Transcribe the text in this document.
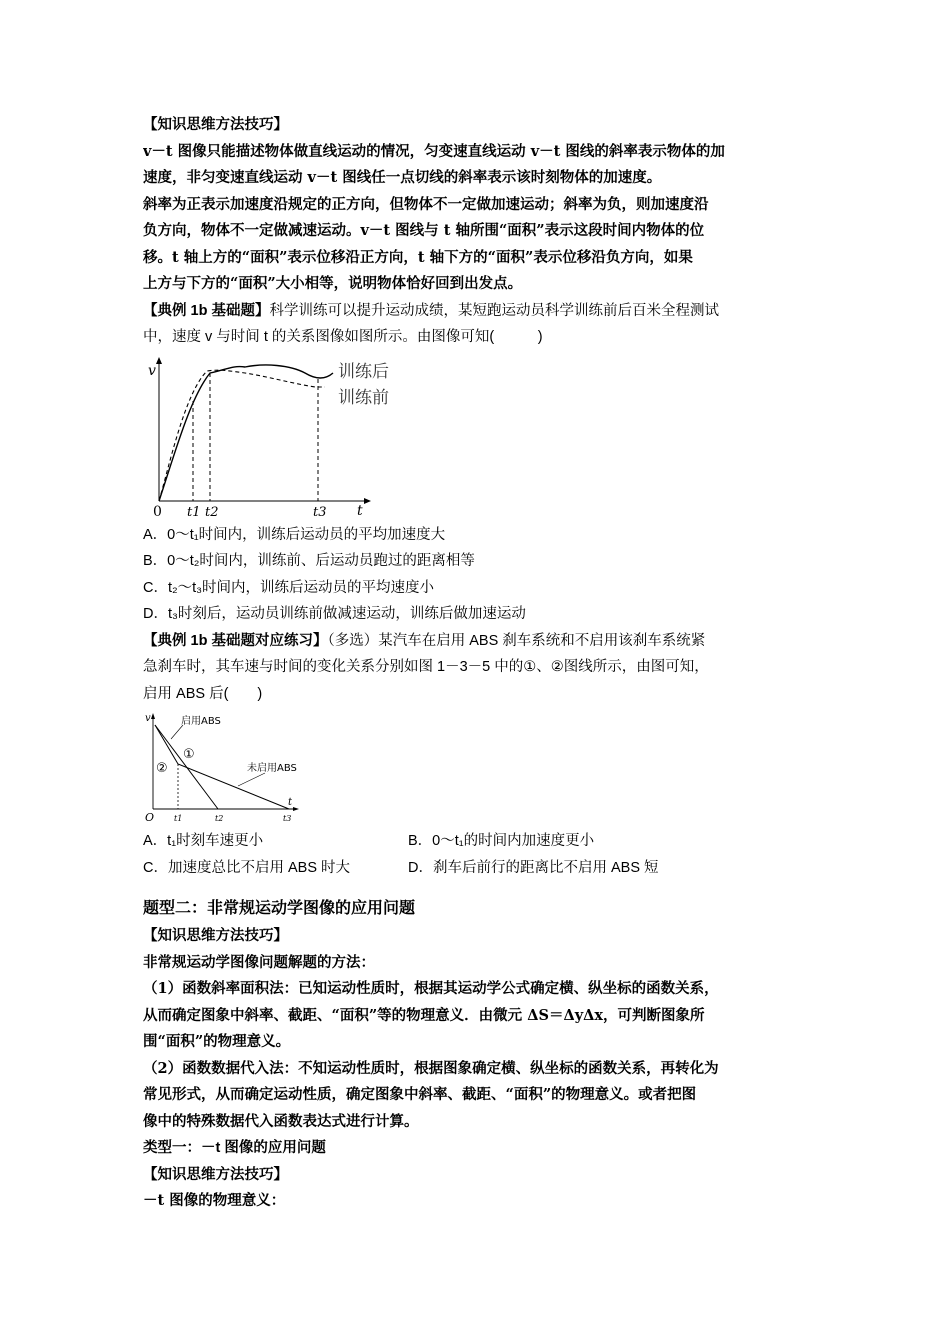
【知识思维方法技巧】
v－t 图像只能描述物体做直线运动的情况，匀变速直线运动 v－t 图线的斜率表示物体的加
速度，非匀变速直线运动 v－t 图线任一点切线的斜率表示该时刻物体的加速度。
斜率为正表示加速度沿规定的正方向，但物体不一定做加速运动；斜率为负，则加速度沿
负方向，物体不一定做减速运动。v－t 图线与 t 轴所围“面积”表示这段时间内物体的位
移。t 轴上方的“面积”表示位移沿正方向，t 轴下方的“面积”表示位移沿负方向，如果
上方与下方的“面积”大小相等，说明物体恰好回到出发点。
【典例 1b 基础题】科学训练可以提升运动成绩，某短跑运动员科学训练前后百米全程测试
中，速度 v 与时间 t 的关系图像如图所示。由图像可知(　　　)
v
t
0 t1 t2	t3
训练后
训练前
A．0～t₁时间内，训练后运动员的平均加速度大
B．0～t₂时间内，训练前、后运动员跑过的距离相等
C．t₂～t₃时间内，训练后运动员的平均速度小
D．t₃时刻后，运动员训练前做减速运动，训练后做加速运动
【典例 1b 基础题对应练习】（多选）某汽车在启用 ABS 刹车系统和不启用该刹车系统紧
急刹车时，其车速与时间的变化关系分别如图 1－3－5 中的①、②图线所示，由图可知，
启用 ABS 后(　　)
v
t
O t1	t2	t3
启用ABS
未启用ABS
①
②
A．t₁时刻车速更小	B．0～t₁的时间内加速度更小
C．加速度总比不启用 ABS 时大	D．刹车后前行的距离比不启用 ABS 短
题型二：非常规运动学图像的应用问题
【知识思维方法技巧】
非常规运动学图像问题解题的方法：
（1）函数斜率面积法：已知运动性质时，根据其运动学公式确定横、纵坐标的函数关系，
从而确定图象中斜率、截距、“面积”等的物理意义．由微元 ΔS＝ΔyΔx，可判断图象所
围“面积”的物理意义。
（2）函数数据代入法：不知运动性质时，根据图象确定横、纵坐标的函数关系，再转化为
常见形式，从而确定运动性质，确定图象中斜率、截距、“面积”的物理意义。或者把图
像中的特殊数据代入函数表达式进行计算。
类型一：－t 图像的应用问题
【知识思维方法技巧】
－t 图像的物理意义：
